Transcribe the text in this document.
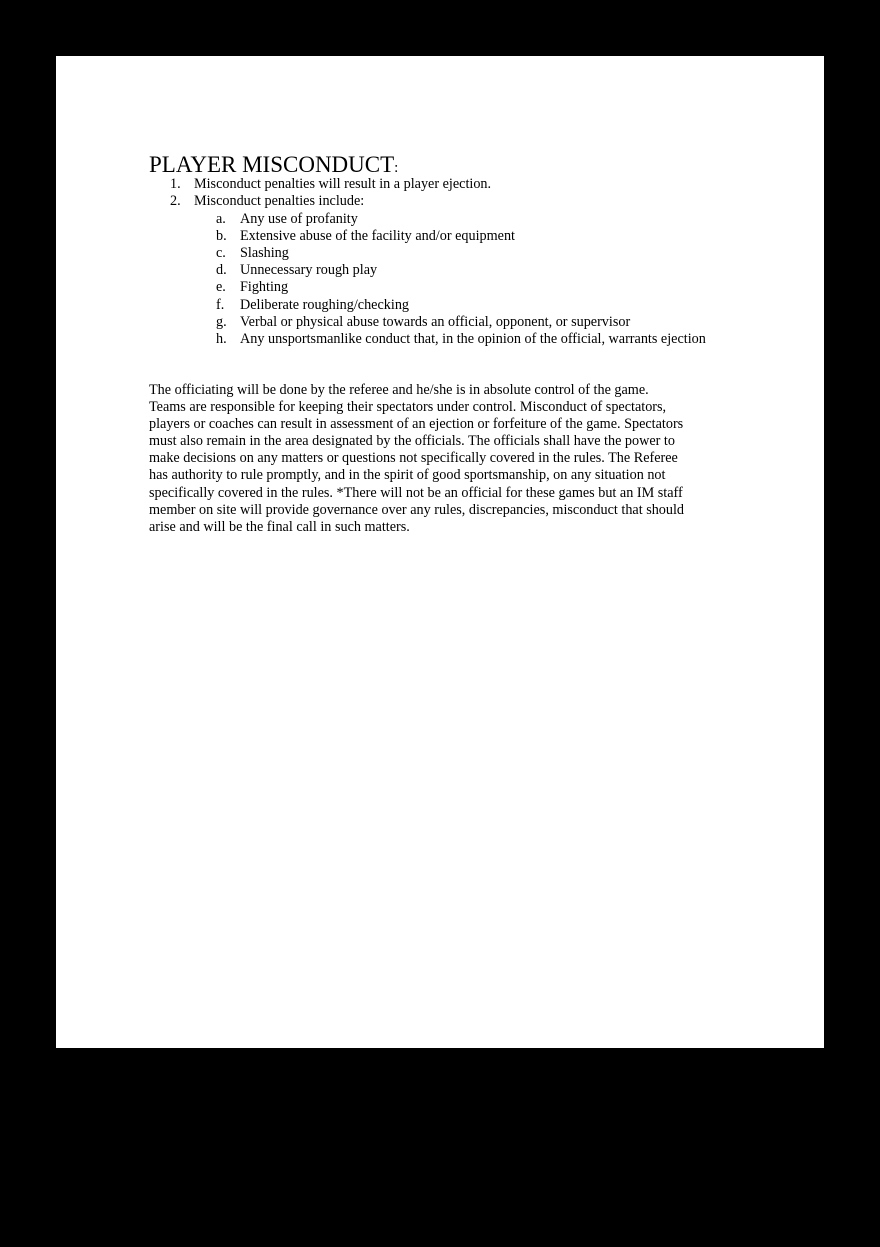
PLAYER MISCONDUCT:
1. Misconduct penalties will result in a player ejection.
2. Misconduct penalties include:
a. Any use of profanity
b. Extensive abuse of the facility and/or equipment
c. Slashing
d. Unnecessary rough play
e. Fighting
f. Deliberate roughing/checking
g. Verbal or physical abuse towards an official, opponent, or supervisor
h. Any unsportsmanlike conduct that, in the opinion of the official, warrants ejection
The officiating will be done by the referee and he/she is in absolute control of the game.
Teams are responsible for keeping their spectators under control. Misconduct of spectators,
players or coaches can result in assessment of an ejection or forfeiture of the game. Spectators
must also remain in the area designated by the officials. The officials shall have the power to
make decisions on any matters or questions not specifically covered in the rules. The Referee
has authority to rule promptly, and in the spirit of good sportsmanship, on any situation not
specifically covered in the rules. *There will not be an official for these games but an IM staff
member on site will provide governance over any rules, discrepancies, misconduct that should
arise and will be the final call in such matters.
